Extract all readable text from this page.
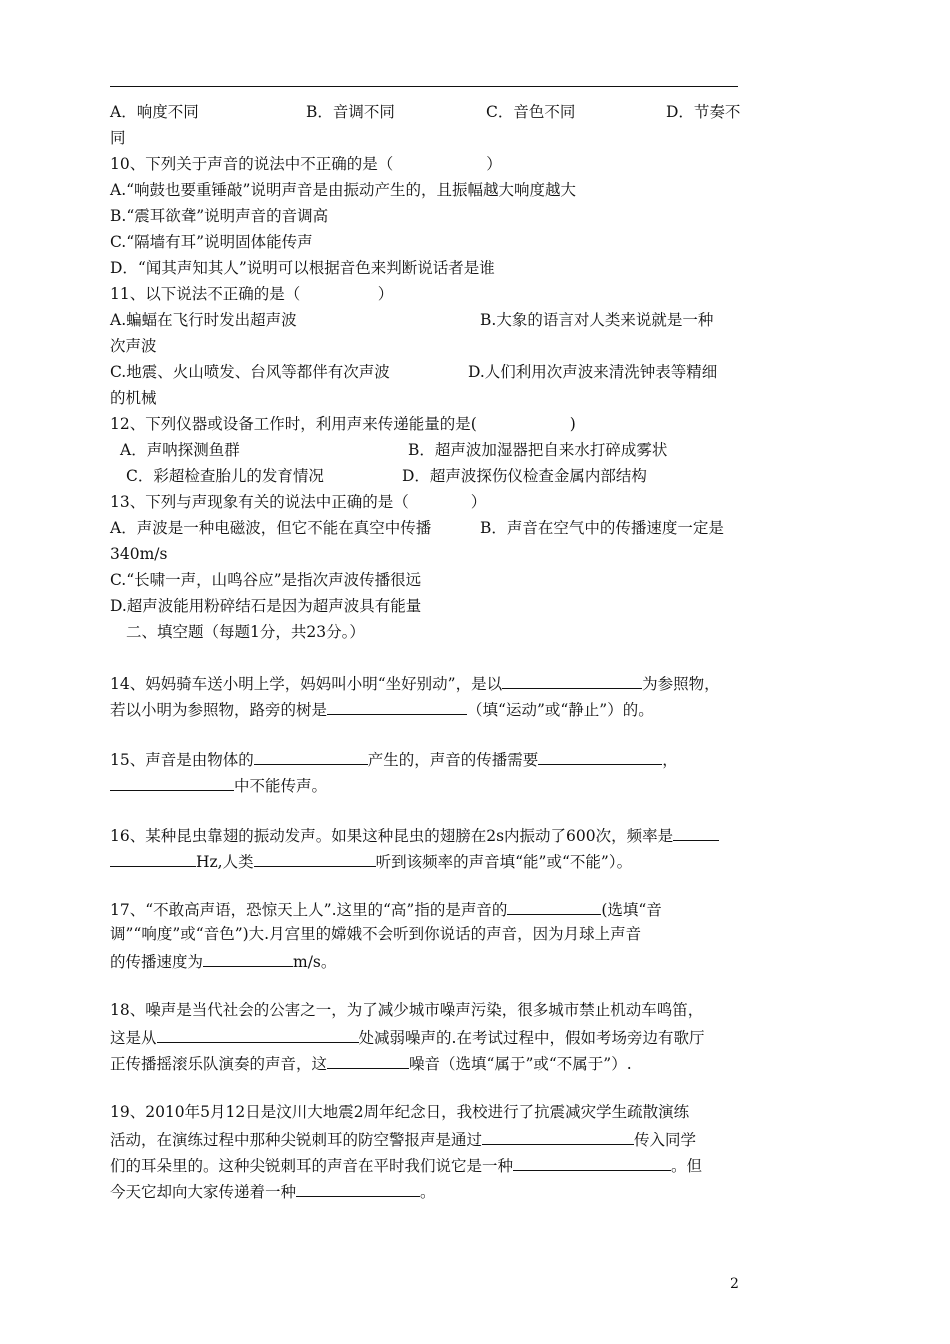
A．响度不同	B．音调不同	C．音色不同	D．节奏不
同
10、下列关于声音的说法中不正确的是（　　　　　　）
A.“响鼓也要重锤敲”说明声音是由振动产生的，且振幅越大响度越大
B.“震耳欲聋”说明声音的音调高
C.“隔墙有耳”说明固体能传声
D．“闻其声知其人”说明可以根据音色来判断说话者是谁
11、以下说法不正确的是（　　　　　）
A.蝙蝠在飞行时发出超声波	B.大象的语言对人类来说就是一种
次声波
C.地震、火山喷发、台风等都伴有次声波	D.人们利用次声波来清洗钟表等精细
的机械
12、下列仪器或设备工作时，利用声来传递能量的是(　　　　　　)
A．声呐探测鱼群	B．超声波加湿器把自来水打碎成雾状
C．彩超检查胎儿的发育情况	D．超声波探伤仪检查金属内部结构
13、下列与声现象有关的说法中正确的是（　　　　）
A．声波是一种电磁波，但它不能在真空中传播	B．声音在空气中的传播速度一定是
340m/s
C.“长啸一声，山鸣谷应”是指次声波传播很远
D.超声波能用粉碎结石是因为超声波具有能量
二、填空题（每题1分，共23分。）
14、妈妈骑车送小明上学，妈妈叫小明“坐好别动”，是以	为参照物，
若以小明为参照物，路旁的树是	（填“运动”或“静止”）的。
15、声音是由物体的	产生的，声音的传播需要	，
中不能传声。
16、某种昆虫靠翅的振动发声。如果这种昆虫的翅膀在2s内振动了600次，频率是
Hz,人类	听到该频率的声音填“能”或“不能”）。
17、“不敢高声语，恐惊天上人”.这里的“高”指的是声音的	(选填“音
调”“响度”或“音色”)大.月宫里的嫦娥不会听到你说话的声音，因为月球上声音
的传播速度为	m/s。
18、噪声是当代社会的公害之一，为了减少城市噪声污染，很多城市禁止机动车鸣笛，
这是从	处减弱噪声的.在考试过程中，假如考场旁边有歌厅
正传播摇滚乐队演奏的声音，这	噪音（选填“属于”或“不属于”）.
19、2010年5月12日是汶川大地震2周年纪念日，我校进行了抗震减灾学生疏散演练
活动，在演练过程中那种尖锐刺耳的防空警报声是通过	传入同学
们的耳朵里的。这种尖锐刺耳的声音在平时我们说它是一种	。但
今天它却向大家传递着一种	。
2
